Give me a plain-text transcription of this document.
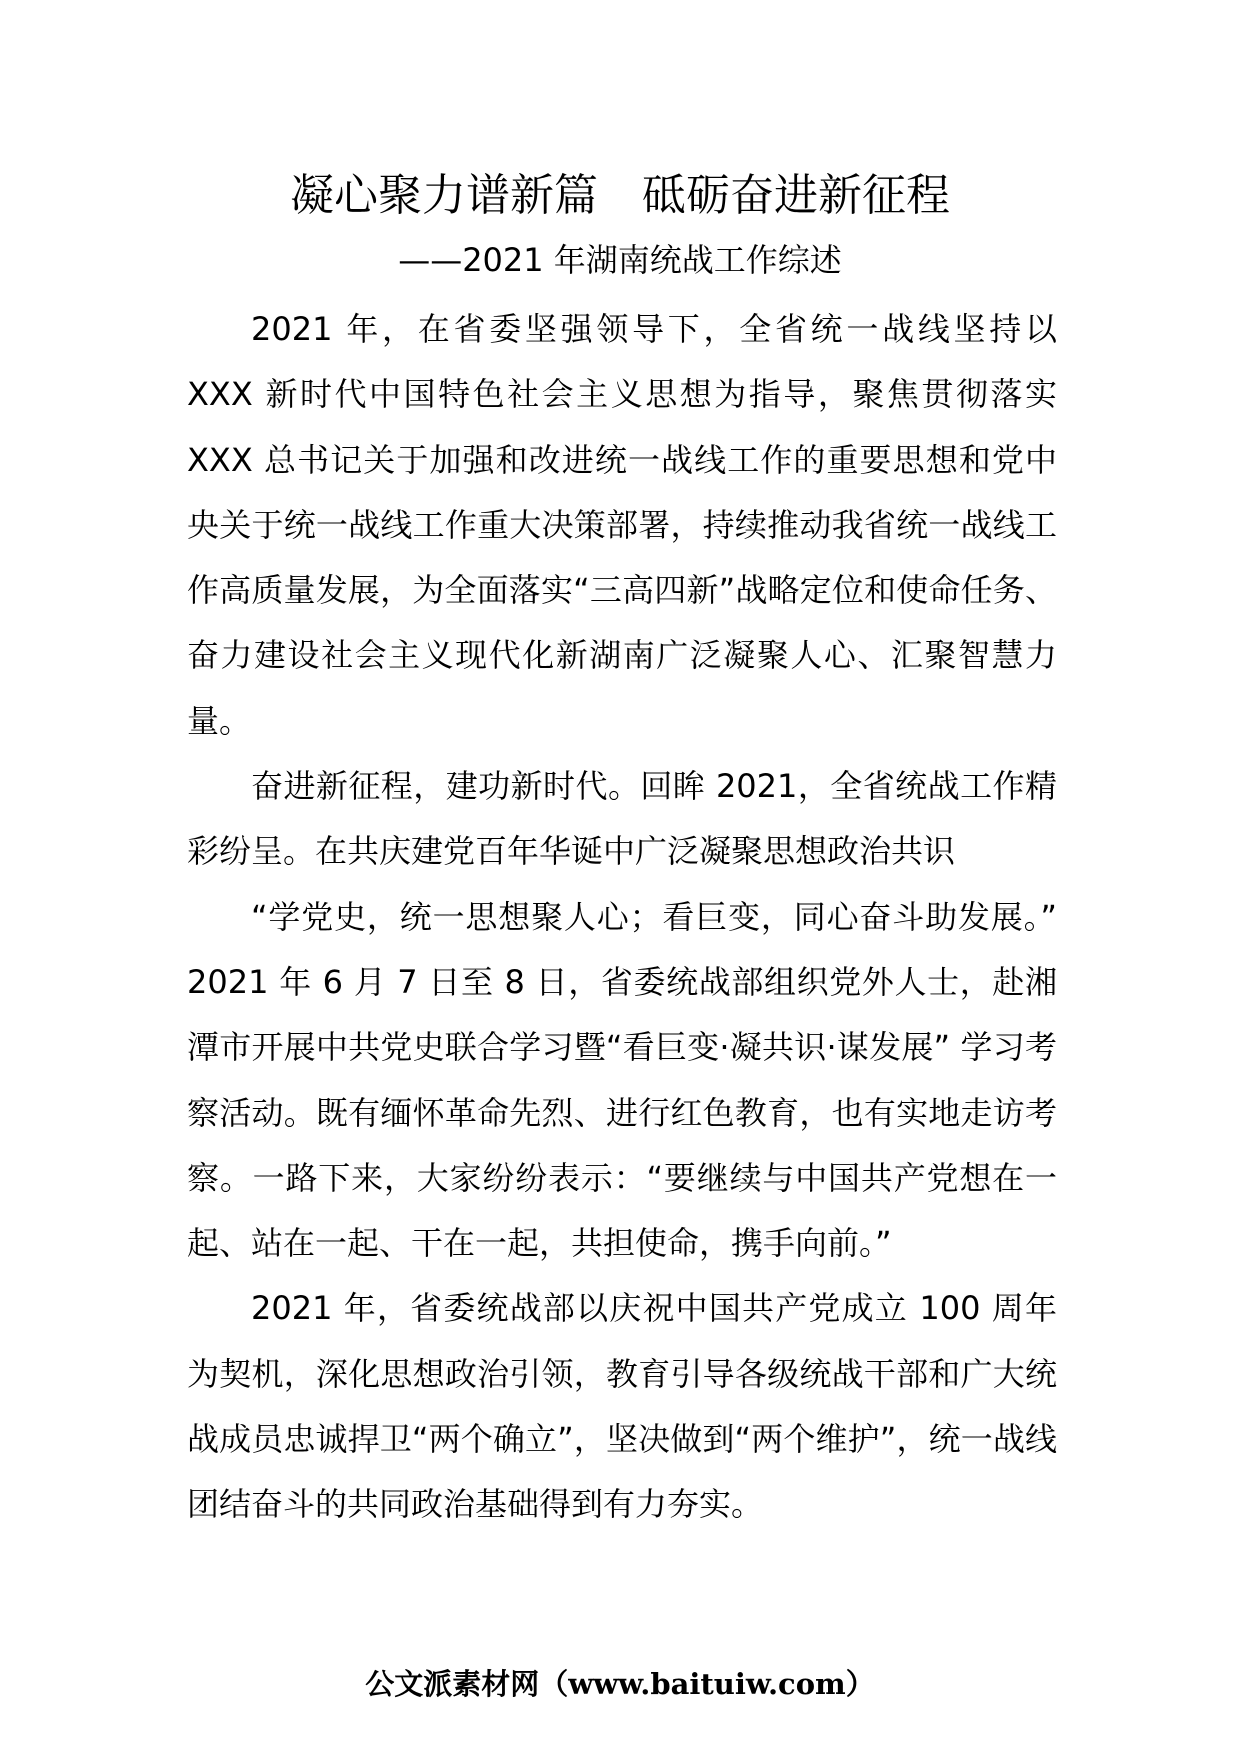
凝心聚力谱新篇　砥砺奋进新征程
——2021 年湖南统战工作综述

2021 年，在省委坚强领导下，全省统一战线坚持以 XXX 新时代中国特色社会主义思想为指导，聚焦贯彻落实 XXX 总书记关于加强和改进统一战线工作的重要思想和党中央关于统一战线工作重大决策部署，持续推动我省统一战线工作高质量发展，为全面落实“三高四新”战略定位和使命任务、奋力建设社会主义现代化新湖南广泛凝聚人心、汇聚智慧力量。

奋进新征程，建功新时代。回眸 2021，全省统战工作精彩纷呈。在共庆建党百年华诞中广泛凝聚思想政治共识

“学党史，统一思想聚人心；看巨变，同心奋斗助发展。” 2021 年 6 月 7 日至 8 日，省委统战部组织党外人士，赴湘潭市开展中共党史联合学习暨“看巨变·凝共识·谋发展” 学习考察活动。既有缅怀革命先烈、进行红色教育，也有实地走访考察。一路下来，大家纷纷表示：“要继续与中国共产党想在一起、站在一起、干在一起，共担使命，携手向前。”

2021 年，省委统战部以庆祝中国共产党成立 100 周年为契机，深化思想政治引领，教育引导各级统战干部和广大统战成员忠诚捍卫“两个确立”，坚决做到“两个维护”，统一战线团结奋斗的共同政治基础得到有力夯实。

公文派素材网（www.baituiw.com）
